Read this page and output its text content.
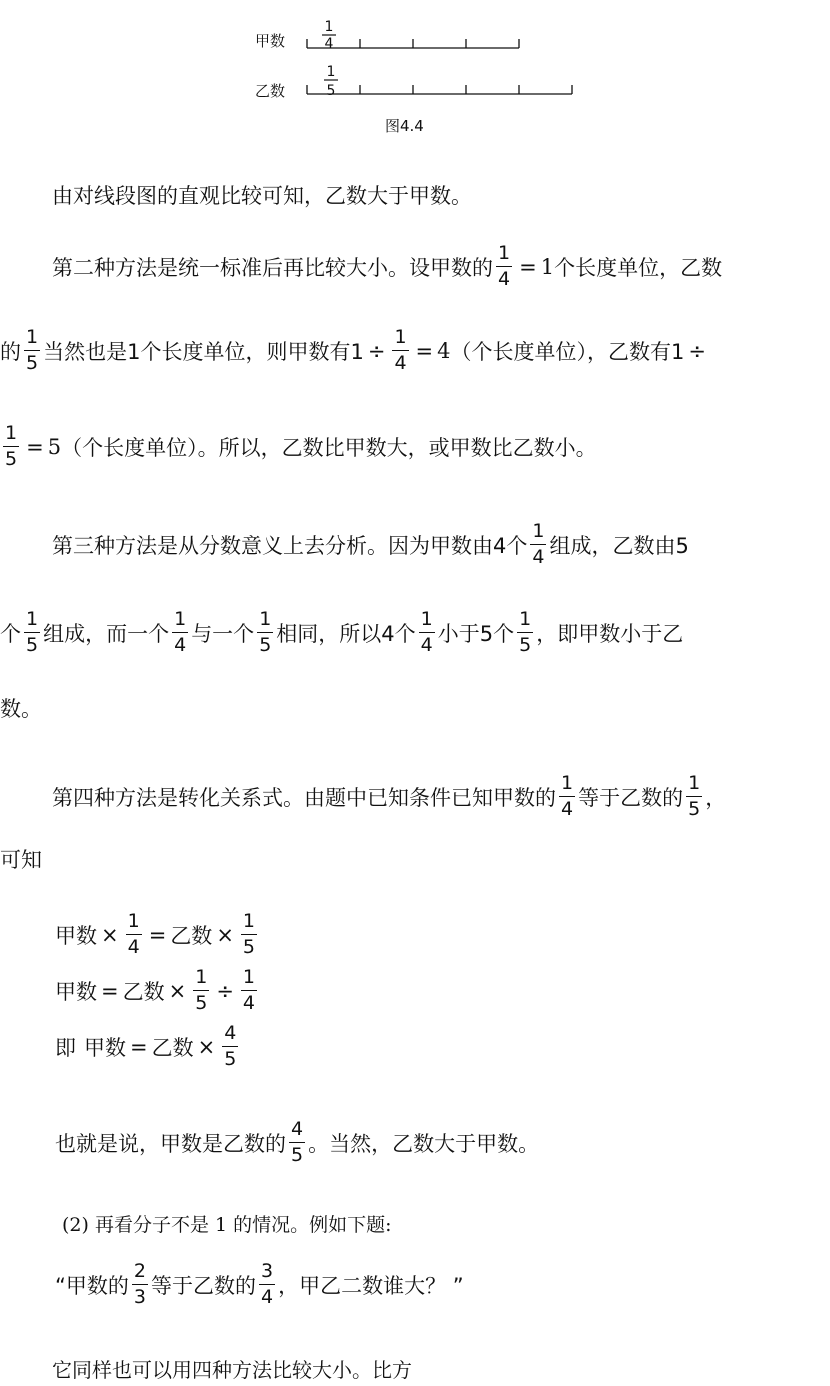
甲数
1
4
乙数
1
5
图4.4
由对线段图的直观比较可知，乙数大于甲数。
第二种方法是统一标准后再比较大小。设甲数的 $\frac{1}{4} = 1$ 个长度单位，乙数
的 $\frac{1}{5}$ 当然也是1个长度单位，则甲数有$1 \div \frac{1}{4} = 4$ （个长度单位），乙数有1 ÷
$\frac{1}{5} = 5$ （个长度单位）。所以，乙数比甲数大，或甲数比乙数小。
第三种方法是从分数意义上去分析。因为甲数由4个 $\frac{1}{4}$ 组成，乙数由5
个 $\frac{1}{5}$ 组成，而一个 $\frac{1}{4}$ 与一个 $\frac{1}{5}$ 相同，所以4个 $\frac{1}{4}$ 小于5个 $\frac{1}{5}$ ，即甲数小于乙
数。
第四种方法是转化关系式。由题中已知条件已知甲数的 $\frac{1}{4}$ 等于乙数的 $\frac{1}{5}$ ，
可知
甲数 × $\frac{1}{4}$ = 乙数 × $\frac{1}{5}$
甲数 = 乙数 × $\frac{1}{5} \div \frac{1}{4}$
即 甲数 = 乙数 × $\frac{4}{5}$
也就是说，甲数是乙数的 $\frac{4}{5}$ 。当然，乙数大于甲数。
(2) 再看分子不是 1 的情况。例如下题:
“甲数的 $\frac{2}{3}$ 等于乙数的 $\frac{3}{4}$ ，甲乙二数谁大？ ”
它同样也可以用四种方法比较大小。比方
